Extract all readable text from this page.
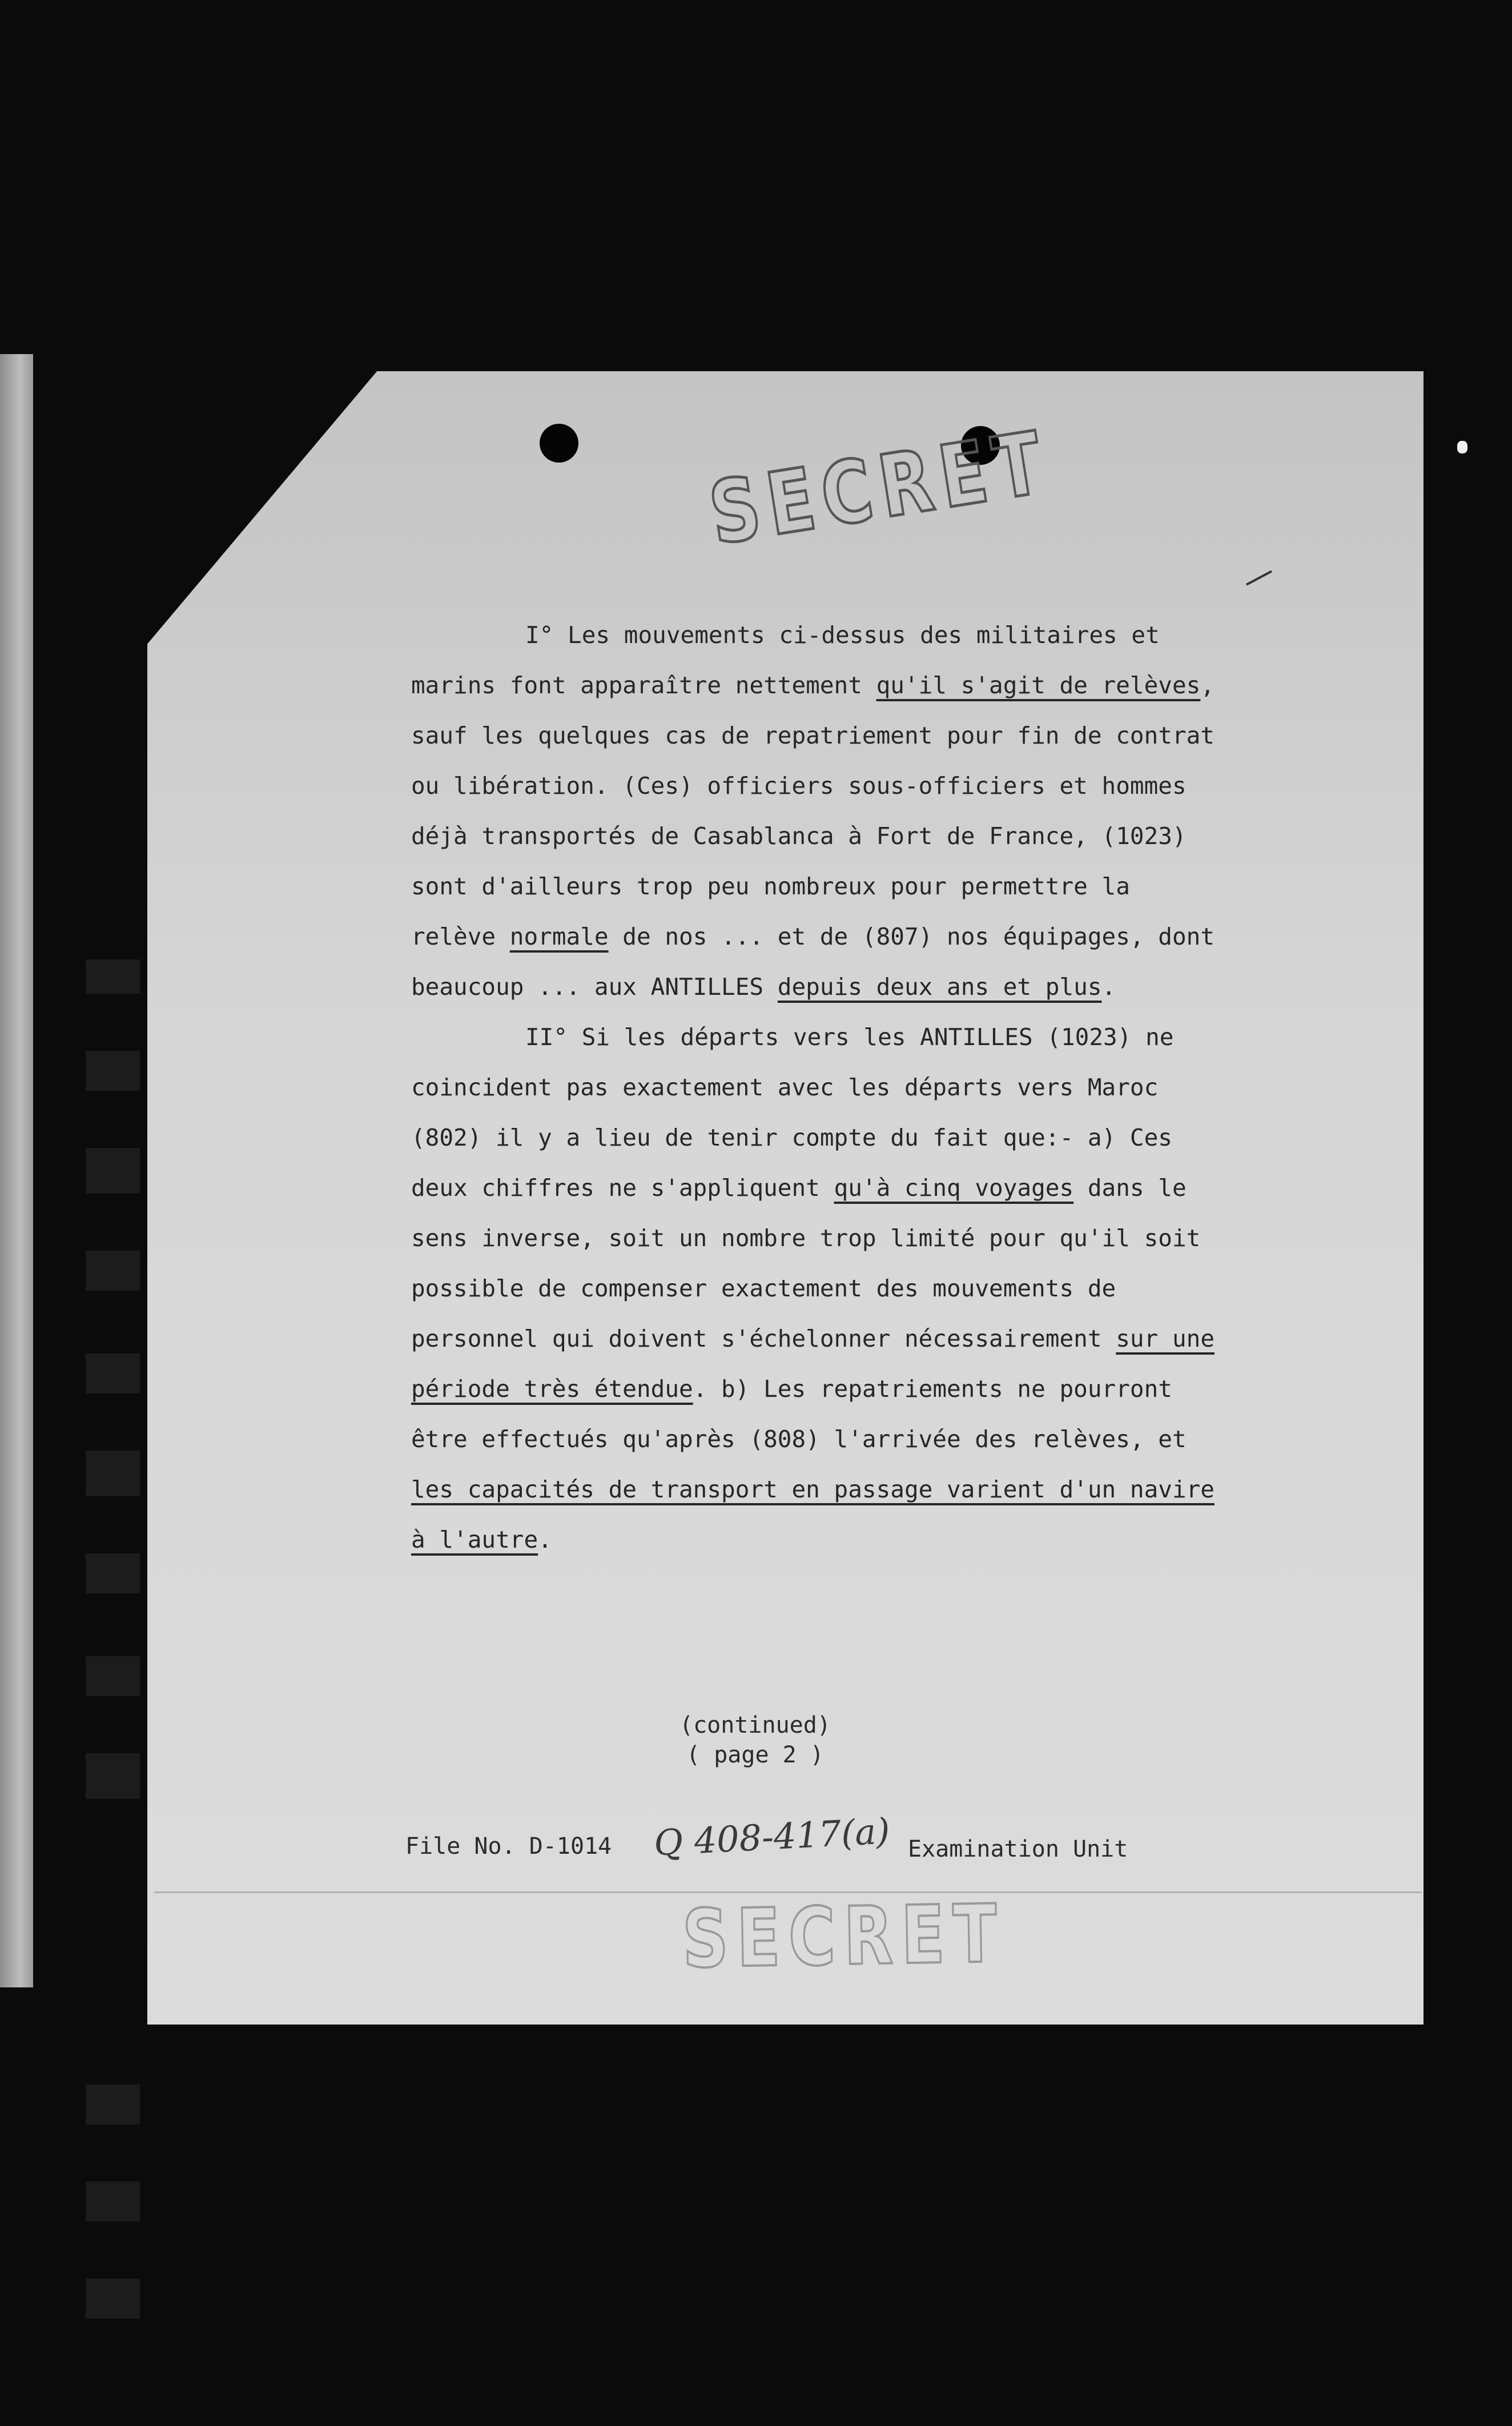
SECRET

I° Les mouvements ci-dessus des militaires et marins font apparaître nettement qu'il s'agit de relèves, sauf les quelques cas de repatriement pour fin de contrat ou libération. (Ces) officiers sous-officiers et hommes déjà transportés de Casablanca à Fort de France, (1023) sont d'ailleurs trop peu nombreux pour permettre la relève normale de nos ... et de (807) nos équipages, dont beaucoup ... aux ANTILLES depuis deux ans et plus.

II° Si les départs vers les ANTILLES (1023) ne coincident pas exactement avec les départs vers Maroc (802) il y a lieu de tenir compte du fait que:- a) Ces deux chiffres ne s'appliquent qu'à cinq voyages dans le sens inverse, soit un nombre trop limité pour qu'il soit possible de compenser exactement des mouvements de personnel qui doivent s'échelonner nécessairement sur une période très étendue. b) Les repatriements ne pourront être effectués qu'après (808) l'arrivée des relèves, et les capacités de transport en passage varient d'un navire à l'autre.

(continued)
( page 2 )
File No. D-1014 Q 408-417(a) Examination Unit
SECRET
